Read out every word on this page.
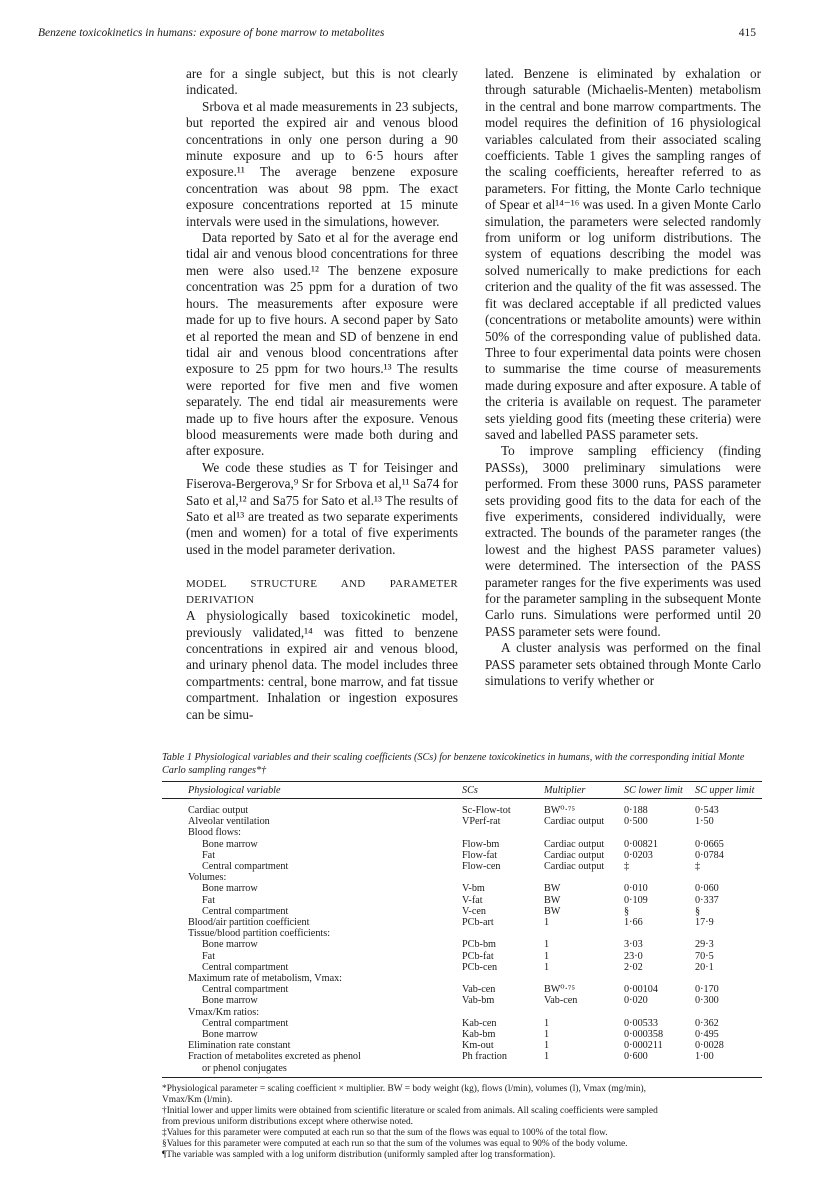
Benzene toxicokinetics in humans: exposure of bone marrow to metabolites	415

are for a single subject, but this is not clearly indicated.

Srbova et al made measurements in 23 subjects, but reported the expired air and venous blood concentrations in only one person during a 90 minute exposure and up to 6·5 hours after exposure.¹¹ The average benzene exposure concentration was about 98 ppm. The exact exposure concentrations reported at 15 minute intervals were used in the simulations, however.

Data reported by Sato et al for the average end tidal air and venous blood concentrations for three men were also used.¹² The benzene exposure concentration was 25 ppm for a duration of two hours. The measurements after exposure were made for up to five hours. A second paper by Sato et al reported the mean and SD of benzene in end tidal air and venous blood concentrations after exposure to 25 ppm for two hours.¹³ The results were reported for five men and five women separately. The end tidal air measurements were made up to five hours after the exposure. Venous blood measurements were made both during and after exposure.

We code these studies as T for Teisinger and Fiserova-Bergerova,⁹ Sr for Srbova et al,¹¹ Sa74 for Sato et al,¹² and Sa75 for Sato et al.¹³ The results of Sato et al¹³ are treated as two separate experiments (men and women) for a total of five experiments used in the model parameter derivation.

MODEL STRUCTURE AND PARAMETER DERIVATION

A physiologically based toxicokinetic model, previously validated,¹⁴ was fitted to benzene concentrations in expired air and venous blood, and urinary phenol data. The model includes three compartments: central, bone marrow, and fat tissue compartment. Inhalation or ingestion exposures can be simu-

lated. Benzene is eliminated by exhalation or through saturable (Michaelis-Menten) metabolism in the central and bone marrow compartments. The model requires the definition of 16 physiological variables calculated from their associated scaling coefficients. Table 1 gives the sampling ranges of the scaling coefficients, hereafter referred to as parameters. For fitting, the Monte Carlo technique of Spear et al¹⁴⁻¹⁶ was used. In a given Monte Carlo simulation, the parameters were selected randomly from uniform or log uniform distributions. The system of equations describing the model was solved numerically to make predictions for each criterion and the quality of the fit was assessed. The fit was declared acceptable if all predicted values (concentrations or metabolite amounts) were within 50% of the corresponding value of published data. Three to four experimental data points were chosen to summarise the time course of measurements made during exposure and after exposure. A table of the criteria is available on request. The parameter sets yielding good fits (meeting these criteria) were saved and labelled PASS parameter sets.

To improve sampling efficiency (finding PASSs), 3000 preliminary simulations were performed. From these 3000 runs, PASS parameter sets providing good fits to the data for each of the five experiments, considered individually, were extracted. The bounds of the parameter ranges (the lowest and the highest PASS parameter values) were determined. The intersection of the PASS parameter ranges for the five experiments was used for the parameter sampling in the subsequent Monte Carlo runs. Simulations were performed until 20 PASS parameter sets were found.

A cluster analysis was performed on the final PASS parameter sets obtained through Monte Carlo simulations to verify whether or

Table 1 Physiological variables and their scaling coefficients (SCs) for benzene toxicokinetics in humans, with the corresponding initial Monte Carlo sampling ranges*†
Physiological variable	SCs	Multiplier	SC lower limit SC upper limit
Cardiac output	Sc-Flow-tot	BW⁰·⁷⁵	0·188	0·543
Alveolar ventilation	VPerf-rat	Cardiac output 0·500	1·50
Blood flows:
Bone marrow	Flow-bm	Cardiac output 0·00821	0·0665
Fat	Flow-fat	Cardiac output 0·0203	0·0784
Central compartment	Flow-cen	Cardiac output ‡	‡
Volumes:
Bone marrow	V-bm	BW	0·010	0·060
Fat	V-fat	BW	0·109	0·337
Central compartment	V-cen	BW	§	§
Blood/air partition coefficient	PCb-art	1	1·66	17·9
Tissue/blood partition coefficients:
Bone marrow	PCb-bm	1	3·03	29·3
Fat	PCb-fat	1	23·0	70·5
Central compartment	PCb-cen	1	2·02	20·1
Maximum rate of metabolism, Vmax:
Central compartment	Vab-cen	BW⁰·⁷⁵	0·00104	0·170
Bone marrow	Vab-bm	Vab-cen	0·020	0·300
Vmax/Km ratios:
Central compartment	Kab-cen	1	0·00533	0·362
Bone marrow	Kab-bm	1	0·000358	0·495
Elimination rate constant	Km-out	1	0·000211	0·0028
Fraction of metabolites excreted as phenol	Ph fraction	1	0·600	1·00
or phenol conjugates
*Physiological parameter = scaling coefficient × multiplier. BW = body weight (kg), flows (l/min), volumes (l), Vmax (mg/min),
Vmax/Km (l/min).
†Initial lower and upper limits were obtained from scientific literature or scaled from animals. All scaling coefficients were sampled
from previous uniform distributions except where otherwise noted.
‡Values for this parameter were computed at each run so that the sum of the flows was equal to 100% of the total flow.
§Values for this parameter were computed at each run so that the sum of the volumes was equal to 90% of the body volume.
¶The variable was sampled with a log uniform distribution (uniformly sampled after log transformation).
